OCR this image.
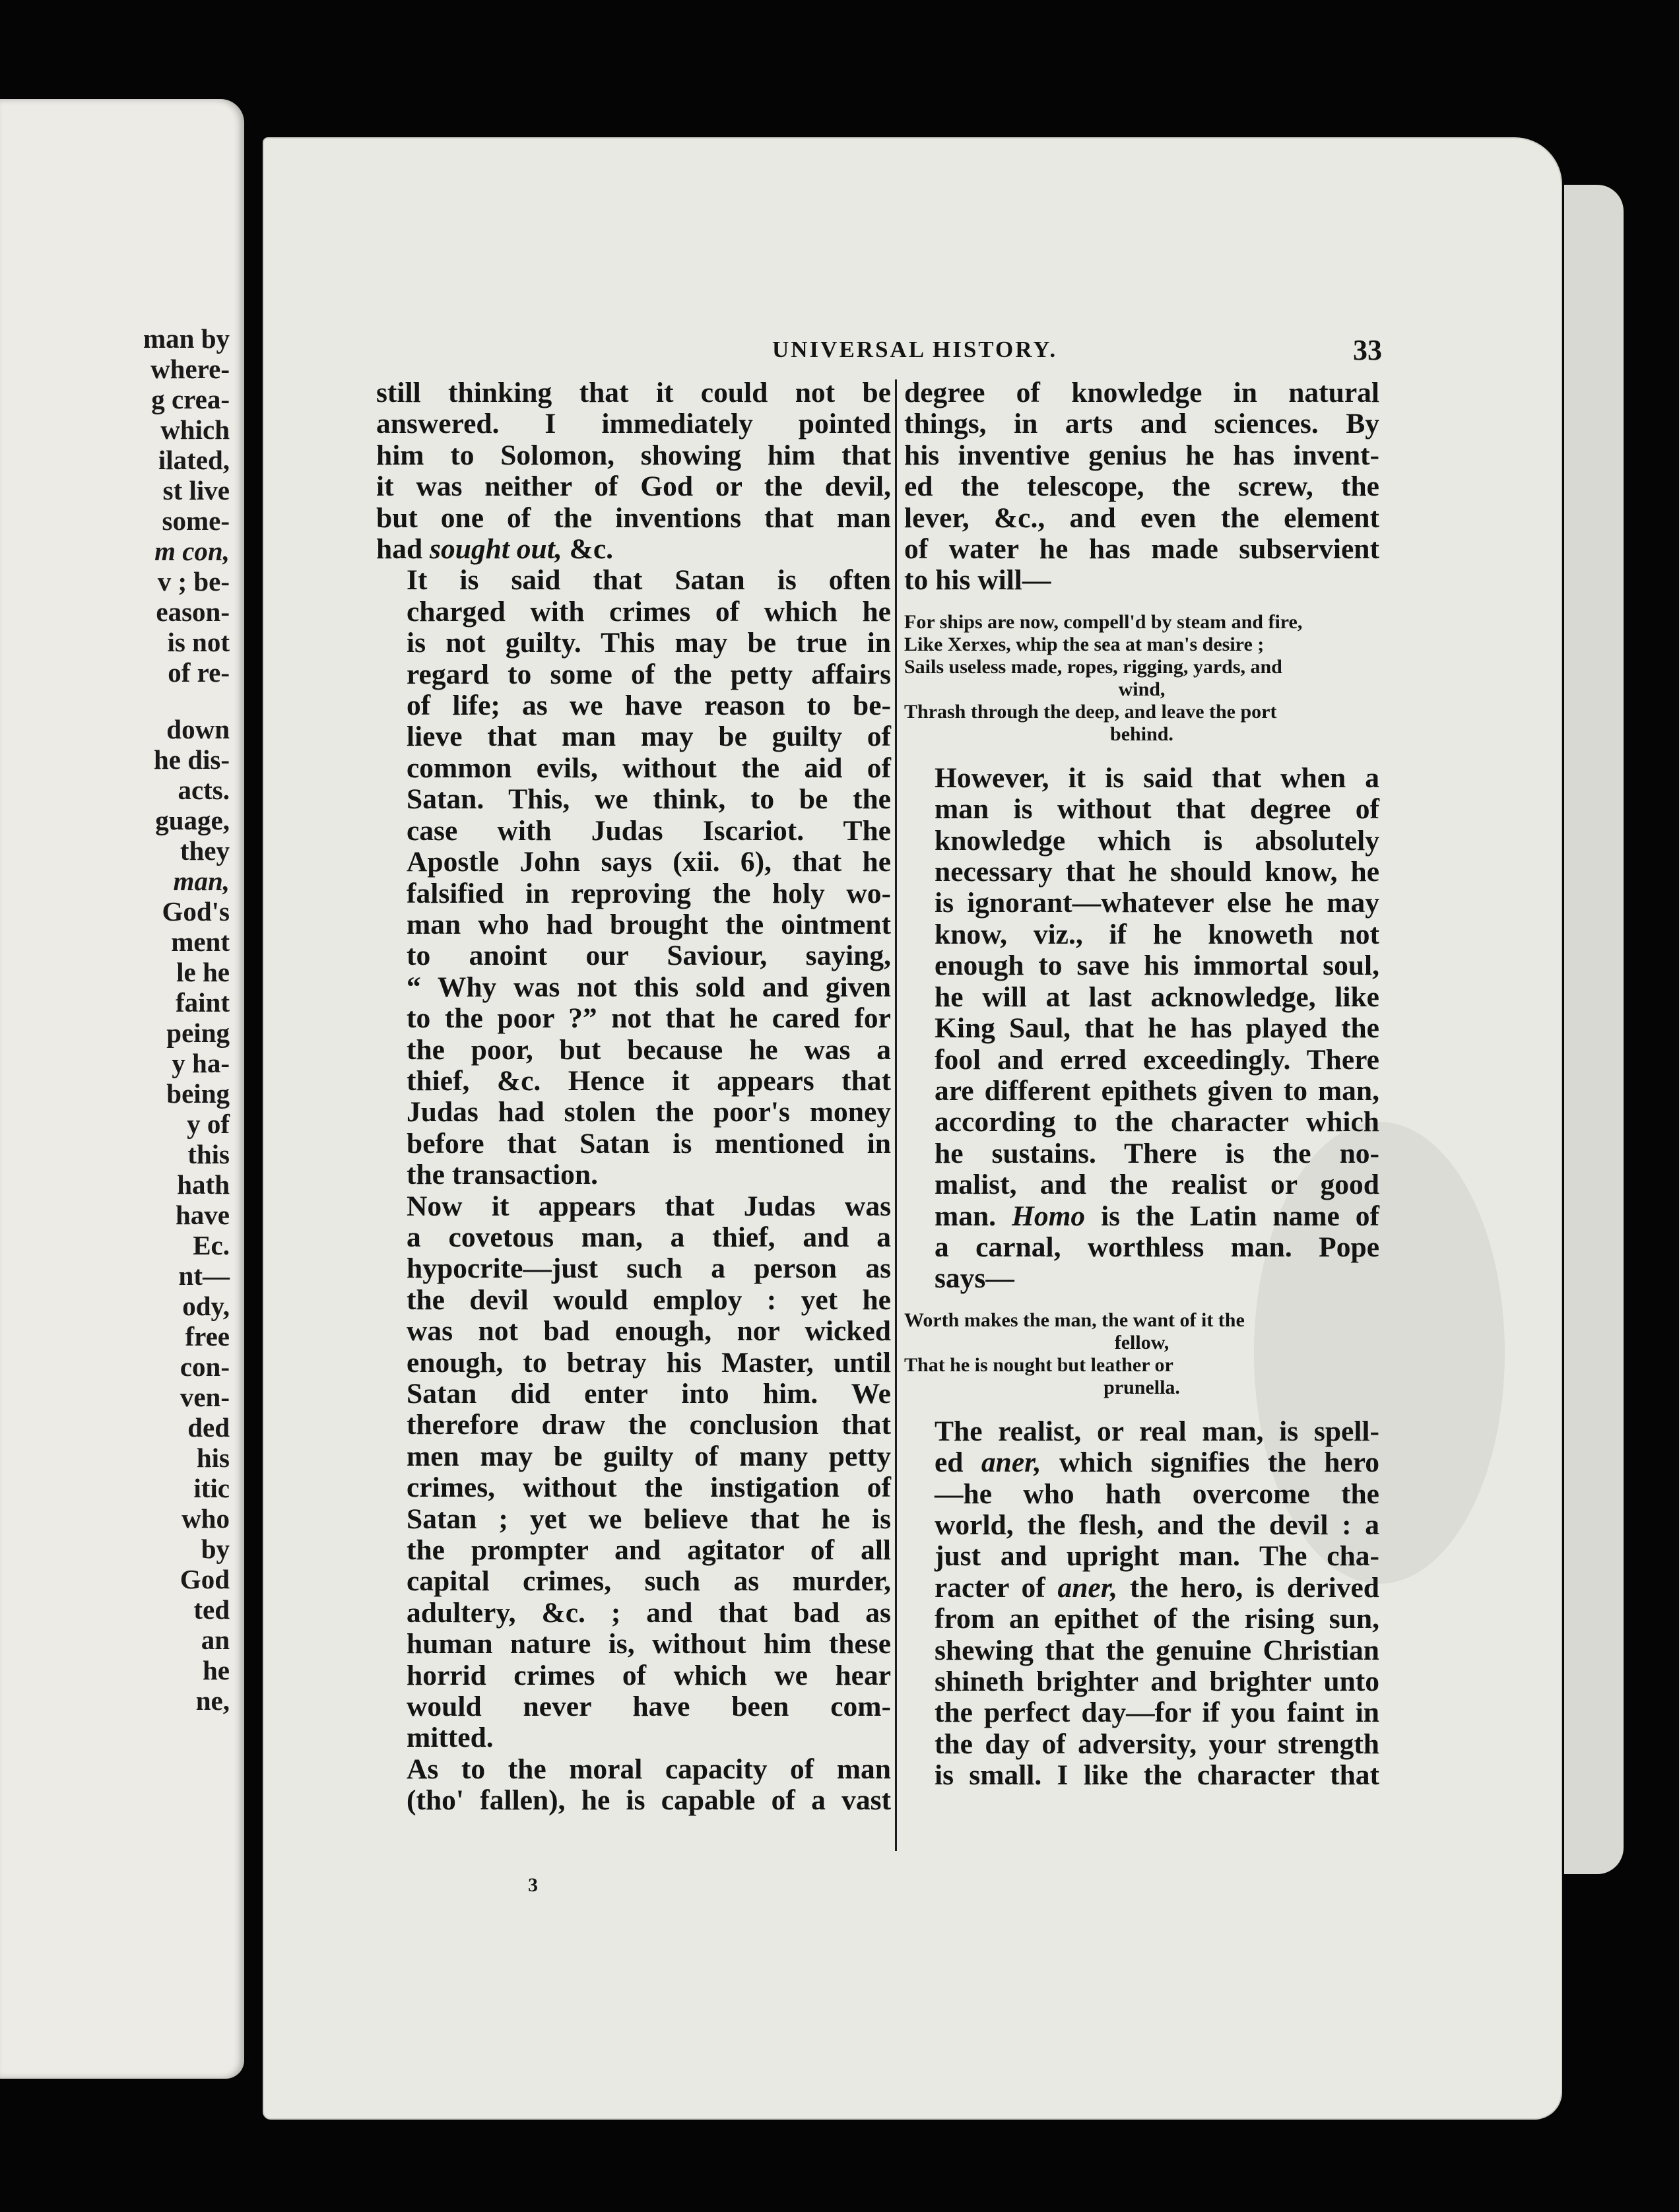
man by
where-
g crea-
which
ilated,
st live
some-
m con,
v ; be-
eason-
is not
of re-
down
he dis-
acts.
guage,
they
man,
God's
ment
le he
faint
peing
y ha-
being
y of
this
hath
have
Ec.
nt—
ody,
free
con-
ven-
ded
his
itic
who
by
God
ted
an
he
ne,
UNIVERSAL HISTORY.	33

still thinking that it could not be
answered. I immediately pointed
him to Solomon, showing him that
it was neither of God or the devil,
but one of the inventions that man
had sought out, &c.

It is said that Satan is often
charged with crimes of which he
is not guilty. This may be true in
regard to some of the petty affairs
of life; as we have reason to be-
lieve that man may be guilty of
common evils, without the aid of
Satan. This, we think, to be the
case with Judas Iscariot. The
Apostle John says (xii. 6), that he
falsified in reproving the holy wo-
man who had brought the ointment
to anoint our Saviour, saying,
“ Why was not this sold and given
to the poor ?” not that he cared for
the poor, but because he was a
thief, &c. Hence it appears that
Judas had stolen the poor's money
before that Satan is mentioned in
the transaction.

Now it appears that Judas was
a covetous man, a thief, and a
hypocrite—just such a person as
the devil would employ : yet he
was not bad enough, nor wicked
enough, to betray his Master, until
Satan did enter into him. We
therefore draw the conclusion that
men may be guilty of many petty
crimes, without the instigation of
Satan ; yet we believe that he is
the prompter and agitator of all
capital crimes, such as murder,
adultery, &c. ; and that bad as
human nature is, without him these
horrid crimes of which we hear
would never have been com-
mitted.

As to the moral capacity of man
(tho' fallen), he is capable of a vast

degree of knowledge in natural
things, in arts and sciences. By
his inventive genius he has invent-
ed the telescope, the screw, the
lever, &c., and even the element
of water he has made subservient
to his will—

For ships are now, compell'd by steam and fire,
Like Xerxes, whip the sea at man's desire ;
Sails useless made, ropes, rigging, yards, and
wind,
Thrash through the deep, and leave the port
behind.

However, it is said that when a
man is without that degree of
knowledge which is absolutely
necessary that he should know, he
is ignorant—whatever else he may
know, viz., if he knoweth not
enough to save his immortal soul,
he will at last acknowledge, like
King Saul, that he has played the
fool and erred exceedingly. There
are different epithets given to man,
according to the character which
he sustains. There is the no-
malist, and the realist or good
man. Homo is the Latin name of
a carnal, worthless man. Pope
says—

Worth makes the man, the want of it the
fellow,
That he is nought but leather or
prunella.

The realist, or real man, is spell-
ed aner, which signifies the hero
—he who hath overcome the
world, the flesh, and the devil : a
just and upright man. The cha-
racter of aner, the hero, is derived
from an epithet of the rising sun,
shewing that the genuine Christian
shineth brighter and brighter unto
the perfect day—for if you faint in
the day of adversity, your strength
is small. I like the character that

3
